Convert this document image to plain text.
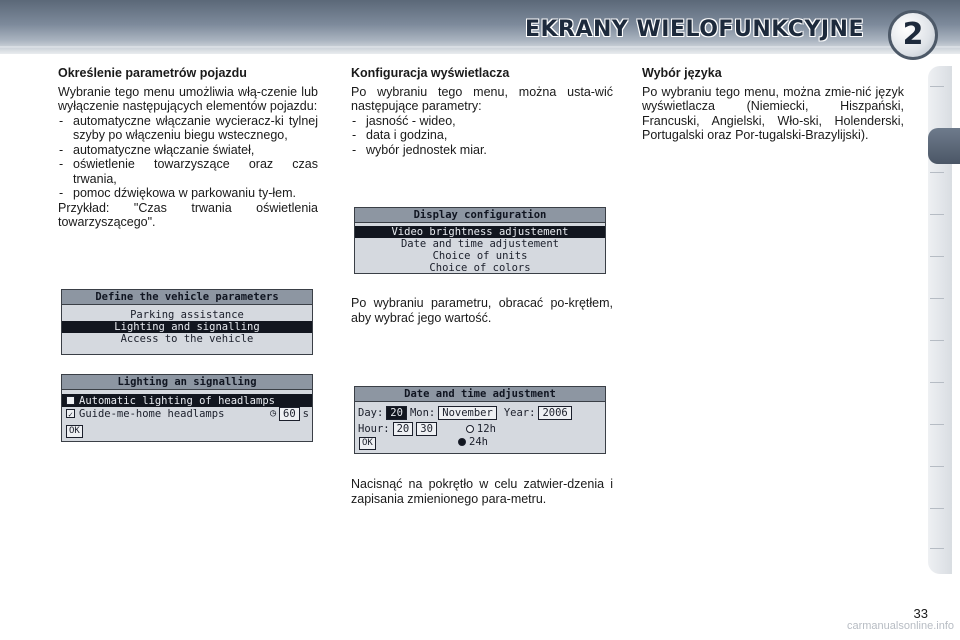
EKRANY WIELOFUNKCYJNE	2

Określenie parametrów pojazdu

Wybranie tego menu umożliwia włą-czenie lub wyłączenie następujących elementów pojazdu:

- automatyczne włączanie wycieracz-ki tylnej szyby po włączeniu biegu wstecznego,
- automatyczne włączanie świateł,
- oświetlenie towarzyszące oraz czas trwania,
- pomoc dźwiękowa w parkowaniu ty-łem.

Przykład: "Czas trwania oświetlenia towarzyszącego".

Define the vehicle parameters
Parking assistance
Lighting and signalling
Access to the vehicle
Lighting an signalling
Automatic lighting of headlamps
✓ Guide-me-home headlamps	◷ 60 s
OK

Konfiguracja wyświetlacza

Po wybraniu tego menu, można usta-wić następujące parametry:

- jasność - wideo,
- data i godzina,
- wybór jednostek miar.
Display configuration
Video brightness adjustement
Date and time adjustement
Choice of units
Choice of colors
Po wybraniu parametru, obracać po-krętłem, aby wybrać jego wartość.
Date and time adjustment
Day: 20 Mon: November	Year: 2006
Hour: 20	30	12h
24h
OK
Nacisnąć na pokrętło w celu zatwier-dzenia i zapisania zmienionego para-metru.

Wybór języka

Po wybraniu tego menu, można zmie-nić język wyświetlacza (Niemiecki, Hiszpański, Francuski, Angielski, Wło-ski, Holenderski, Portugalski oraz Por-tugalski-Brazylijski).

33
carmanualsonline.info
